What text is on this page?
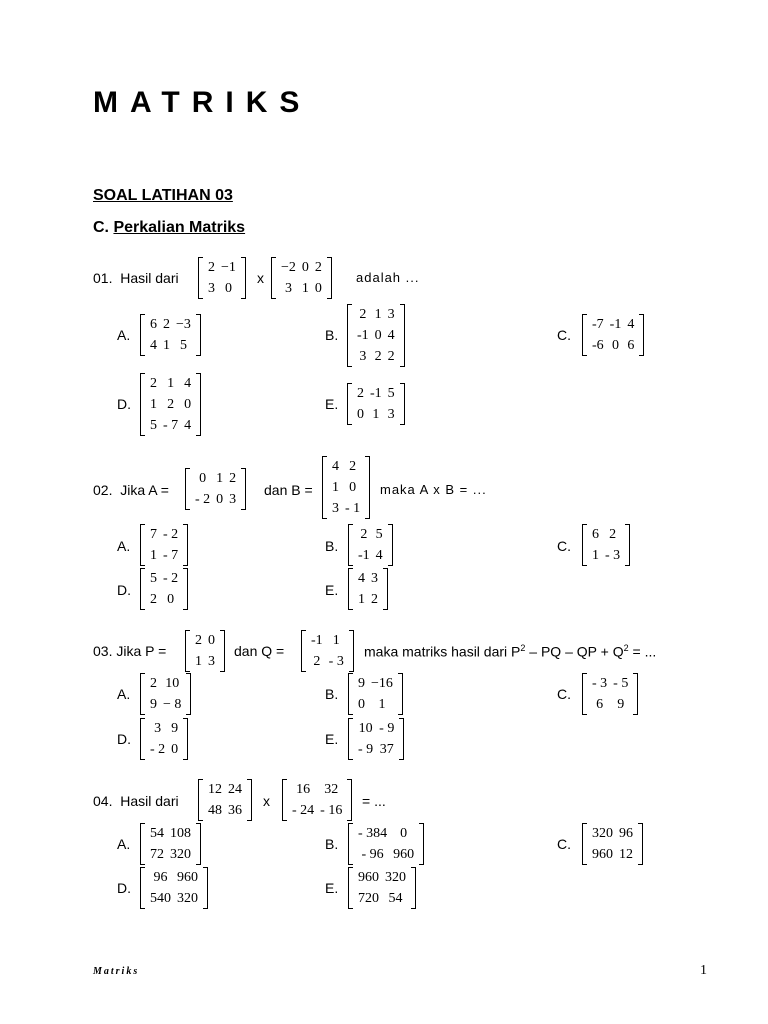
MATRIKS
SOAL LATIHAN 03
C. Perkalian Matriks
01. Hasil dari
2	−1
3	0
x
−2	0	2
3	1	0
adalah ...
A.
6	2	−3
4	1	5
B.
2	1	3
-1	0	4
3	2	2
C.
-7	-1	4
-6	0	6
D.
2	1	4
1	2	0
5	- 7	4
E.
2	-1	5
0	1	3
02. Jika A =
0	1	2
- 2	0	3
dan B =
4	2
1	0
3	- 1
maka A x B = ...
A.
7	- 2
1	- 7
B.
2	5
-1	4
C.
6	2
1	- 3
D.
5	- 2
2	0
E.
4	3
1	2
03. Jika P =
2	0
1	3
dan Q =
-1	1
2	- 3
maka matriks hasil dari $P^2$ – PQ – QP + $Q^2$ = ...
A.
2	10
9	− 8
B.
9	−16
0	1
C.
- 3	- 5
6	9
D.
3	9
- 2	0
E.
10	- 9
- 9	37
04. Hasil dari
12	24
48	36
x
16	32
- 24	- 16
= ...
A.
54	108
72	320
B.
- 384	0
- 96	960
C.
320	96
960	12
D.
96	960
540	320
E.
960	320
720	54
Matriks	1
